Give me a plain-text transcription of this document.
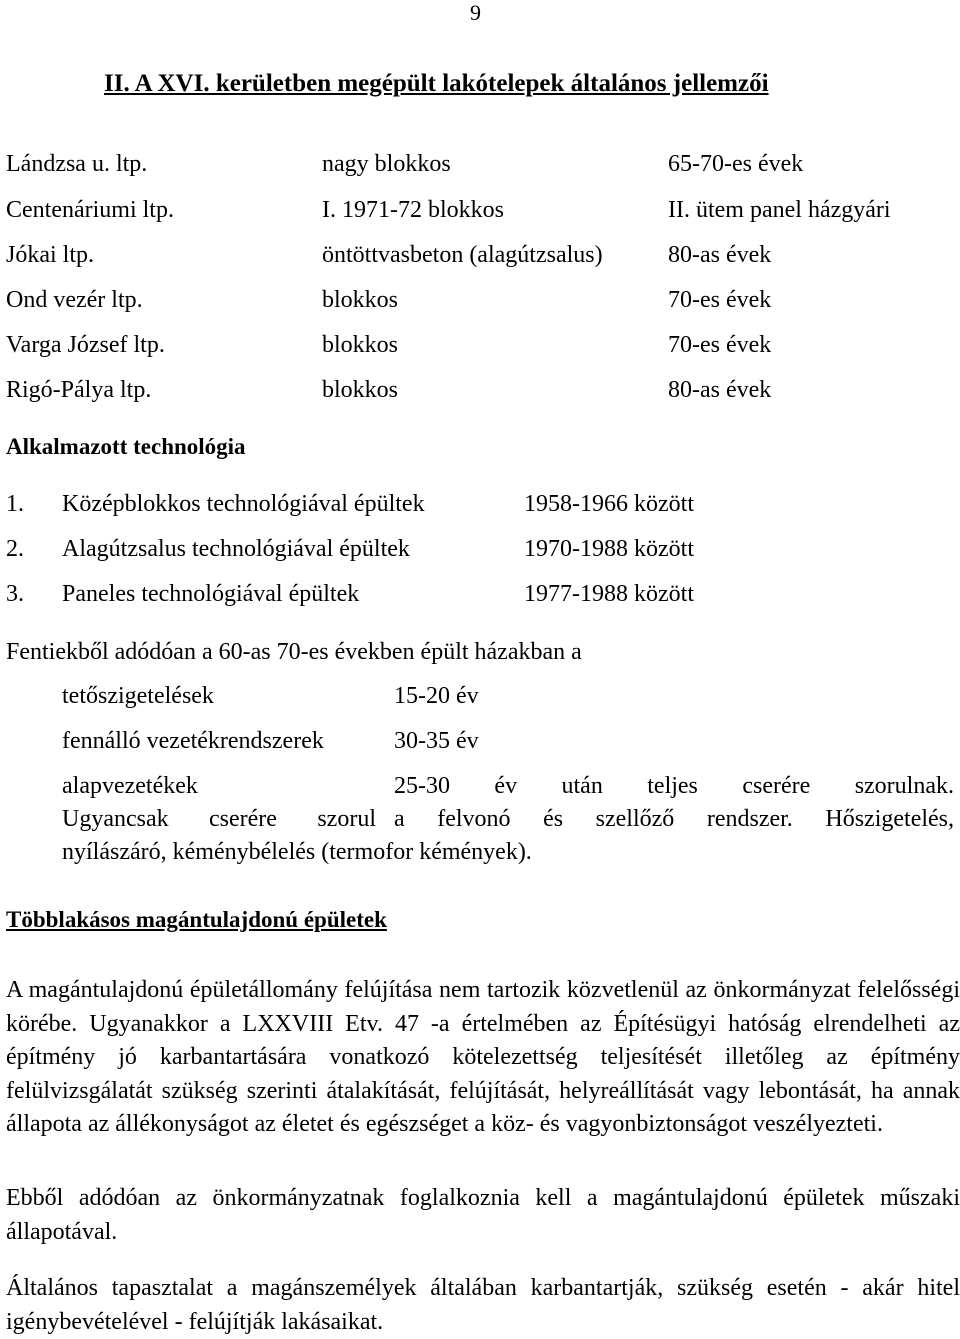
9
II. A XVI. kerületben megépült lakótelepek általános jellemzői
Lándzsa u. ltp.	nagy blokkos	65-70-es évek
Centenáriumi ltp.	I. 1971-72 blokkos	II. ütem panel házgyári
Jókai ltp.	öntöttvasbeton (alagútzsalus)	80-as évek
Ond vezér ltp.	blokkos	70-es évek
Varga József ltp.	blokkos	70-es évek
Rigó-Pálya ltp.	blokkos	80-as évek
Alkalmazott technológia
1. Középblokkos technológiával épültek	1958-1966 között
2. Alagútzsalus technológiával épültek	1970-1988 között
3. Paneles technológiával épültek	1977-1988 között
Fentiekből adódóan a 60-as 70-es években épült házakban a
tetőszigetelések	15-20 év
fennálló vezetékrendszerek	30-35 év
alapvezetékek	25-30 év után teljes cserére szorulnak.
Ugyancsak cserére szorul a felvonó és szellőző rendszer. Hőszigetelés,
nyílászáró, kéménybélelés (termofor kémények).
Többlakásos magántulajdonú épületek
A magántulajdonú épületállomány felújítása nem tartozik közvetlenül az önkormányzat felelősségi körébe. Ugyanakkor a LXXVIII Etv. 47 -a értelmében az Építésügyi hatóság elrendelheti az építmény jó karbantartására vonatkozó kötelezettség teljesítését illetőleg az építmény felülvizsgálatát szükség szerinti átalakítását, felújítását, helyreállítását vagy lebontását, ha annak állapota az állékonyságot az életet és egészséget a köz- és vagyonbiztonságot veszélyezteti.
Ebből adódóan az önkormányzatnak foglalkoznia kell a magántulajdonú épületek műszaki állapotával.
Általános tapasztalat a magánszemélyek általában karbantartják, szükség esetén - akár hitel igénybevételével - felújítják lakásaikat.
